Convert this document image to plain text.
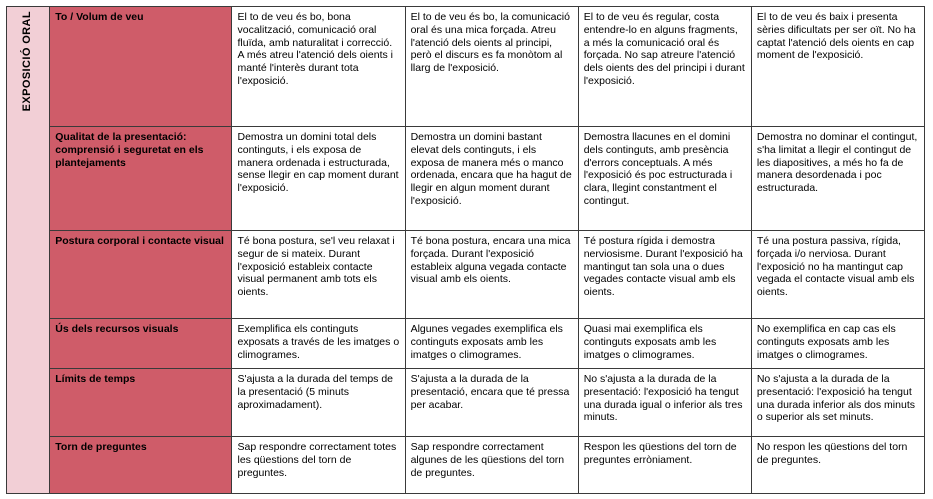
EXPOSICIÓ ORAL	To / Volum de veu	El to de veu és bo, bona vocalització, comunicació oral fluïda, amb naturalitat i correcció. A més atreu l'atenció dels oients i manté l'interès durant tota l'exposició.	El to de veu és bo, la comunicació oral és una mica forçada. Atreu l'atenció dels oients al principi, però el discurs es fa monòtom al llarg de l'exposició.	El to de veu és regular, costa entendre-lo en alguns fragments, a més la comunicació oral és forçada. No sap atreure l'atenció dels oients des del principi i durant l'exposició.	El to de veu és baix i presenta sèries dificultats per ser oït. No ha captat l'atenció dels oients en cap moment de l'exposició.
	Qualitat de la presentació: comprensió i seguretat en els plantejaments	Demostra un domini total dels continguts, i els exposa de manera ordenada i estructurada, sense llegir en cap moment durant l'exposició.	Demostra un domini bastant elevat dels continguts, i els exposa de manera més o manco ordenada, encara que ha hagut de llegir en algun moment durant l'exposició.	Demostra llacunes en el domini dels continguts, amb presència d'errors conceptuals. A més l'exposició és poc estructurada i clara, llegint constantment el contingut.	Demostra no dominar el contingut, s'ha limitat a llegir el contingut de les diapositives, a més ho fa de manera desordenada i poc estructurada.
	Postura corporal i contacte visual	Té bona postura, se'l veu relaxat i segur de si mateix. Durant l'exposició estableix contacte visual permanent amb tots els oients.	Té bona postura, encara una mica forçada. Durant l'exposició estableix alguna vegada contacte visual amb els oients.	Té postura rígida i demostra nerviosisme. Durant l'exposició ha mantingut tan sola una o dues vegades contacte visual amb els oients.	Té una postura passiva, rígida, forçada i/o nerviosa. Durant l'exposició no ha mantingut cap vegada el contacte visual amb els oients.
	Ús dels recursos visuals	Exemplifica els continguts exposats a través de les imatges o climogrames.	Algunes vegades exemplifica els continguts exposats amb les imatges o climogrames.	Quasi mai exemplifica els continguts exposats amb les imatges o climogrames.	No exemplifica en cap cas els continguts exposats amb les imatges o climogrames.
	Límits de temps	S'ajusta a la durada del temps de la presentació (5 minuts aproximadament).	S'ajusta a la durada de la presentació, encara que té pressa per acabar.	No s'ajusta a la durada de la presentació: l'exposició ha tengut una durada igual o inferior als tres minuts.	No s'ajusta a la durada de la presentació: l'exposició ha tengut una durada inferior als dos minuts o superior als set minuts.
	Torn de preguntes	Sap respondre correctament totes les qüestions del torn de preguntes.	Sap respondre correctament algunes de les qüestions del torn de preguntes.	Respon les qüestions del torn de preguntes erròniament.	No respon les qüestions del torn de preguntes.
